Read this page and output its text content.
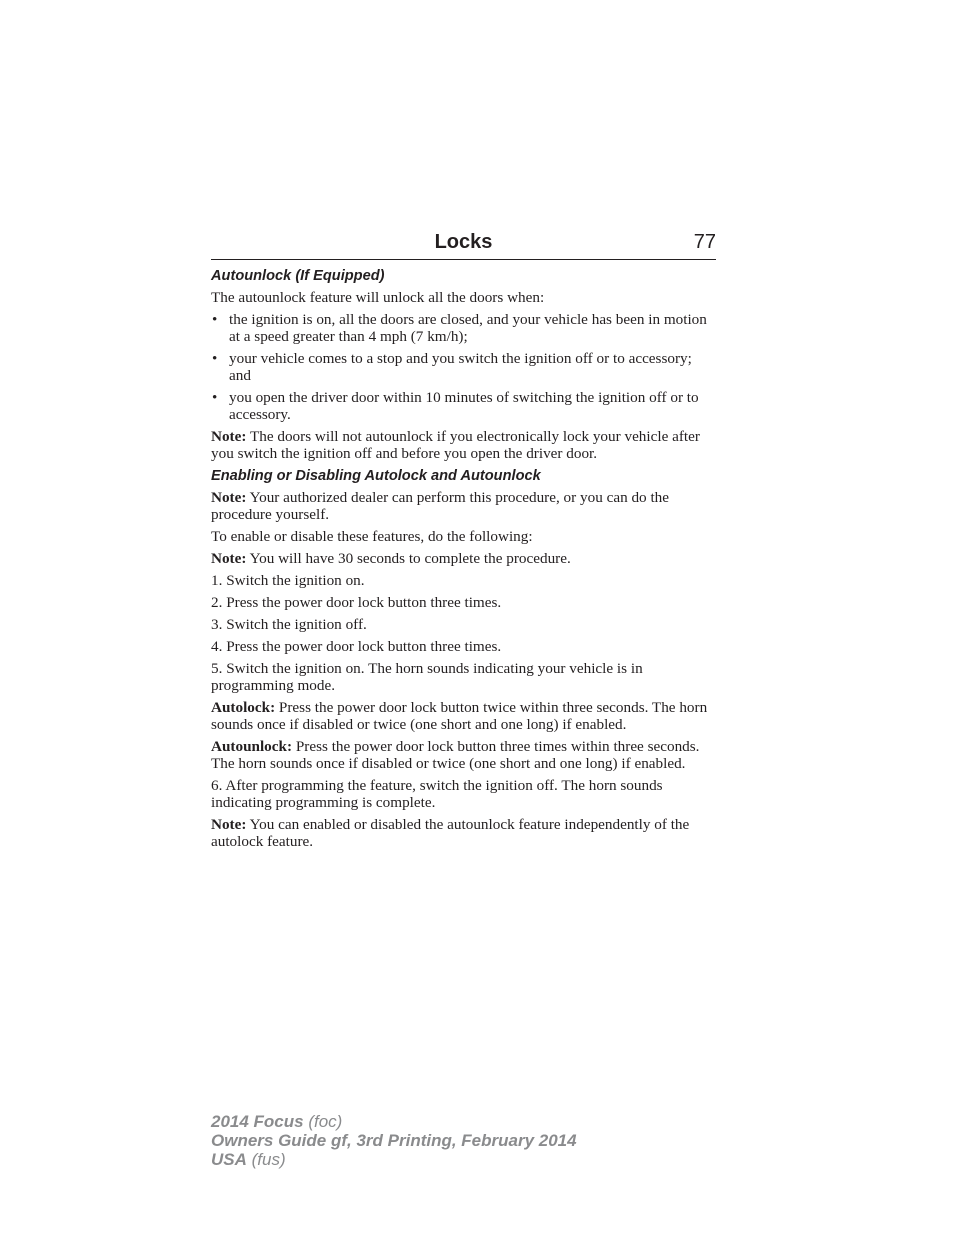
Locks	77
Autounlock (If Equipped)

The autounlock feature will unlock all the doors when:

• the ignition is on, all the doors are closed, and your vehicle has been in motion at a speed greater than 4 mph (7 km/h);
• your vehicle comes to a stop and you switch the ignition off or to accessory; and
• you open the driver door within 10 minutes of switching the ignition off or to accessory.

Note: The doors will not autounlock if you electronically lock your vehicle after you switch the ignition off and before you open the driver door.

Enabling or Disabling Autolock and Autounlock

Note: Your authorized dealer can perform this procedure, or you can do the procedure yourself.

To enable or disable these features, do the following:

Note: You will have 30 seconds to complete the procedure.

1. Switch the ignition on.

2. Press the power door lock button three times.

3. Switch the ignition off.

4. Press the power door lock button three times.

5. Switch the ignition on. The horn sounds indicating your vehicle is in programming mode.

Autolock: Press the power door lock button twice within three seconds. The horn sounds once if disabled or twice (one short and one long) if enabled.

Autounlock: Press the power door lock button three times within three seconds. The horn sounds once if disabled or twice (one short and one long) if enabled.

6. After programming the feature, switch the ignition off. The horn sounds indicating programming is complete.

Note: You can enabled or disabled the autounlock feature independently of the autolock feature.

2014 Focus (foc)
Owners Guide gf, 3rd Printing, February 2014
USA (fus)
